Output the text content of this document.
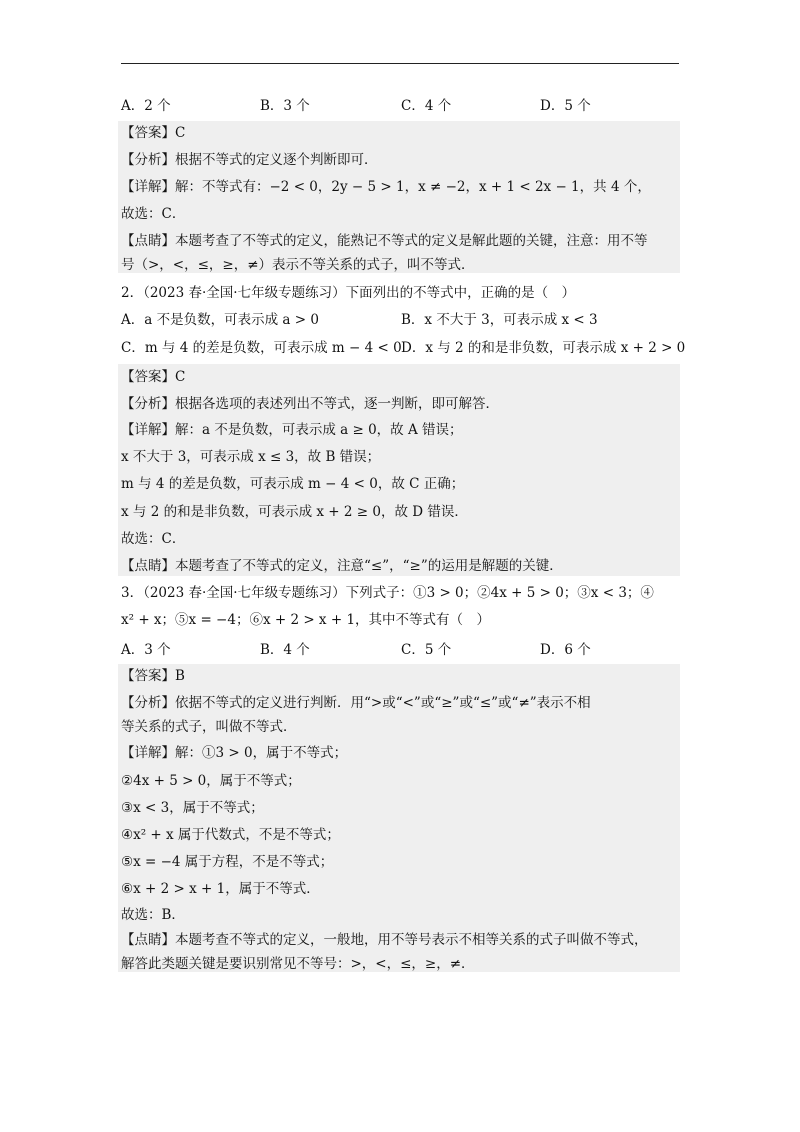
A．2 个	B．3 个	C．4 个	D．5 个
【答案】C
【分析】根据不等式的定义逐个判断即可．
【详解】解：不等式有：−2 < 0，2y − 5 > 1，x ≠ −2，x + 1 < 2x − 1，共 4 个，
故选：C．
【点睛】本题考查了不等式的定义，能熟记不等式的定义是解此题的关键，注意：用不等
号（>，<，≤，≥，≠）表示不等关系的式子，叫不等式．
2．（2023 春·全国·七年级专题练习）下面列出的不等式中，正确的是（　）
A．a 不是负数，可表示成 a > 0	B．x 不大于 3，可表示成 x < 3
C．m 与 4 的差是负数，可表示成 m − 4 < 0 D．x 与 2 的和是非负数，可表示成 x + 2 > 0
【答案】C
【分析】根据各选项的表述列出不等式，逐一判断，即可解答．
【详解】解：a 不是负数，可表示成 a ≥ 0，故 A 错误；
x 不大于 3，可表示成 x ≤ 3，故 B 错误；
m 与 4 的差是负数，可表示成 m − 4 < 0，故 C 正确；
x 与 2 的和是非负数，可表示成 x + 2 ≥ 0，故 D 错误．
故选：C．
【点睛】本题考查了不等式的定义，注意“≤”，“≥”的运用是解题的关键．
3．（2023 春·全国·七年级专题练习）下列式子：①3 > 0；②4x + 5 > 0；③x < 3；④
x² + x；⑤x = −4；⑥x + 2 > x + 1，其中不等式有（　）
A．3 个	B．4 个	C．5 个	D．6 个
【答案】B
【分析】依据不等式的定义进行判断．用“>或“<”或“≥”或“≤”或“≠”表示不相
等关系的式子，叫做不等式．
【详解】解：①3 > 0，属于不等式；
②4x + 5 > 0，属于不等式；
③x < 3，属于不等式；
④x² + x 属于代数式，不是不等式；
⑤x = −4 属于方程，不是不等式；
⑥x + 2 > x + 1，属于不等式．
故选：B．
【点睛】本题考查不等式的定义，一般地，用不等号表示不相等关系的式子叫做不等式，
解答此类题关键是要识别常见不等号：>，<，≤，≥，≠．
